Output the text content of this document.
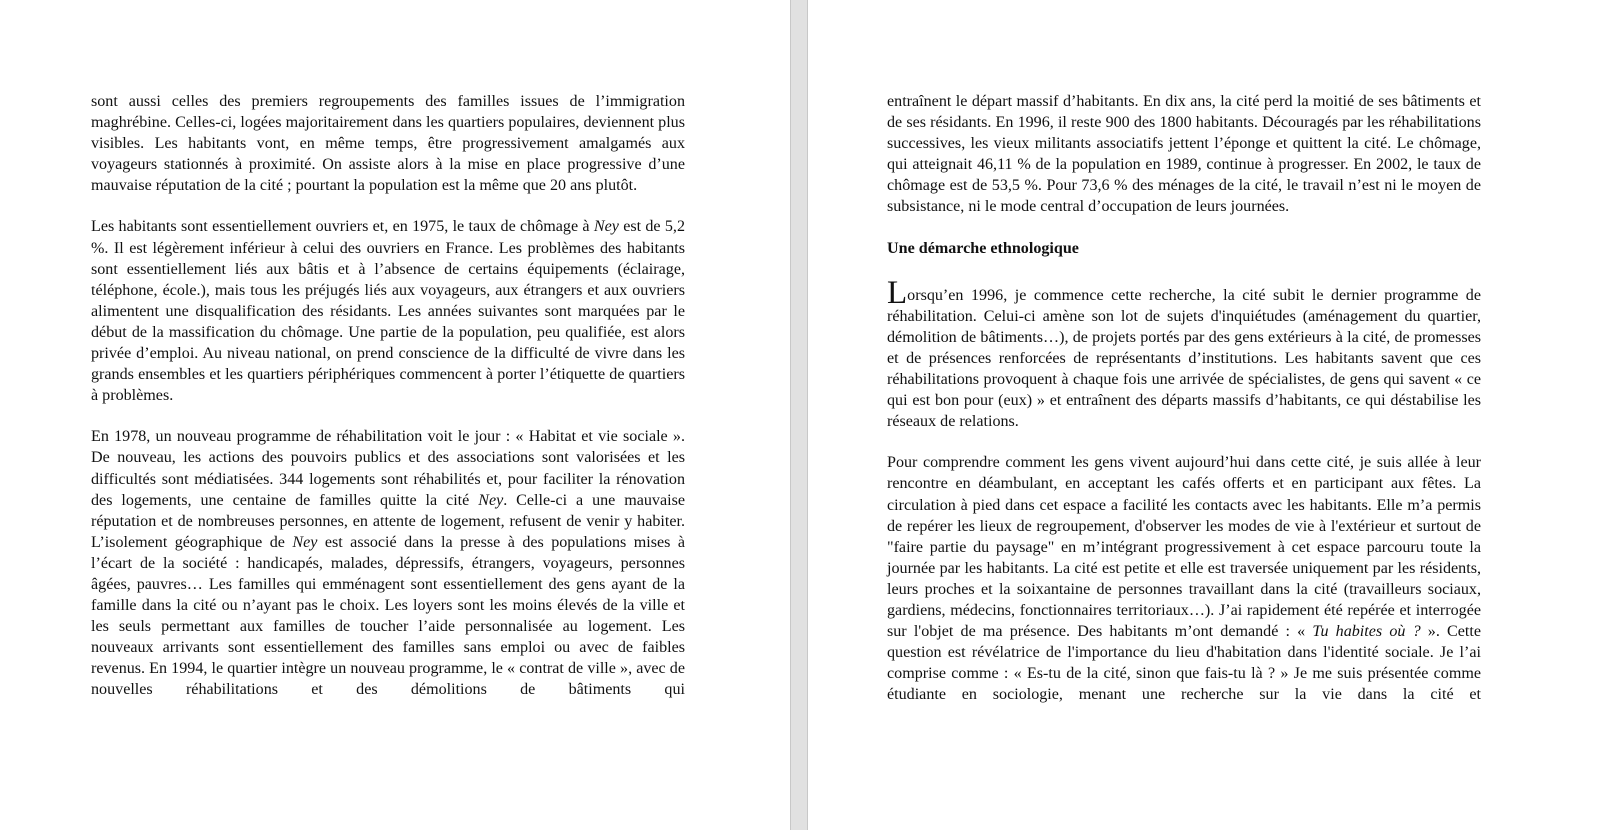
sont aussi celles des premiers regroupements des familles issues de l’immigration maghrébine. Celles-ci, logées majoritairement dans les quartiers populaires, deviennent plus visibles. Les habitants vont, en même temps, être progressivement amalgamés aux voyageurs stationnés à proximité. On assiste alors à la mise en place progressive d’une mauvaise réputation de la cité ; pourtant la population est la même que 20 ans plutôt.

Les habitants sont essentiellement ouvriers et, en 1975, le taux de chômage à Ney est de 5,2 %. Il est légèrement inférieur à celui des ouvriers en France. Les problèmes des habitants sont essentiellement liés aux bâtis et à l’absence de certains équipements (éclairage, téléphone, école.), mais tous les préjugés liés aux voyageurs, aux étrangers et aux ouvriers alimentent une disqualification des résidants. Les années suivantes sont marquées par le début de la massification du chômage. Une partie de la population, peu qualifiée, est alors privée d’emploi. Au niveau national, on prend conscience de la difficulté de vivre dans les grands ensembles et les quartiers périphériques commencent à porter l’étiquette de quartiers à problèmes.

En 1978, un nouveau programme de réhabilitation voit le jour : « Habitat et vie sociale ». De nouveau, les actions des pouvoirs publics et des associations sont valorisées et les difficultés sont médiatisées. 344 logements sont réhabilités et, pour faciliter la rénovation des logements, une centaine de familles quitte la cité Ney. Celle-ci a une mauvaise réputation et de nombreuses personnes, en attente de logement, refusent de venir y habiter. L’isolement géographique de Ney est associé dans la presse à des populations mises à l’écart de la société : handicapés, malades, dépressifs, étrangers, voyageurs, personnes âgées, pauvres… Les familles qui emménagent sont essentiellement des gens ayant de la famille dans la cité ou n’ayant pas le choix. Les loyers sont les moins élevés de la ville et les seuls permettant aux familles de toucher l’aide personnalisée au logement. Les nouveaux arrivants sont essentiellement des familles sans emploi ou avec de faibles revenus. En 1994, le quartier intègre un nouveau programme, le « contrat de ville », avec de nouvelles réhabilitations et des démolitions de bâtiments qui

entraînent le départ massif d’habitants. En dix ans, la cité perd la moitié de ses bâtiments et de ses résidants. En 1996, il reste 900 des 1800 habitants. Découragés par les réhabilitations successives, les vieux militants associatifs jettent l’éponge et quittent la cité. Le chômage, qui atteignait 46,11 % de la population en 1989, continue à progresser. En 2002, le taux de chômage est de 53,5 %. Pour 73,6 % des ménages de la cité, le travail n’est ni le moyen de subsistance, ni le mode central d’occupation de leurs journées.

Une démarche ethnologique

Lorsqu’en 1996, je commence cette recherche, la cité subit le dernier programme de réhabilitation. Celui-ci amène son lot de sujets d'inquiétudes (aménagement du quartier, démolition de bâtiments…), de projets portés par des gens extérieurs à la cité, de promesses et de présences renforcées de représentants d’institutions. Les habitants savent que ces réhabilitations provoquent à chaque fois une arrivée de spécialistes, de gens qui savent « ce qui est bon pour (eux) » et entraînent des départs massifs d’habitants, ce qui déstabilise les réseaux de relations.

Pour comprendre comment les gens vivent aujourd’hui dans cette cité, je suis allée à leur rencontre en déambulant, en acceptant les cafés offerts et en participant aux fêtes. La circulation à pied dans cet espace a facilité les contacts avec les habitants. Elle m’a permis de repérer les lieux de regroupement, d'observer les modes de vie à l'extérieur et surtout de "faire partie du paysage" en m’intégrant progressivement à cet espace parcouru toute la journée par les habitants. La cité est petite et elle est traversée uniquement par les résidents, leurs proches et la soixantaine de personnes travaillant dans la cité (travailleurs sociaux, gardiens, médecins, fonctionnaires territoriaux…). J’ai rapidement été repérée et interrogée sur l'objet de ma présence. Des habitants m’ont demandé : « Tu habites où ? ». Cette question est révélatrice de l'importance du lieu d'habitation dans l'identité sociale. Je l’ai comprise comme : « Es-tu de la cité, sinon que fais-tu là ? » Je me suis présentée comme étudiante en sociologie, menant une recherche sur la vie dans la cité et
